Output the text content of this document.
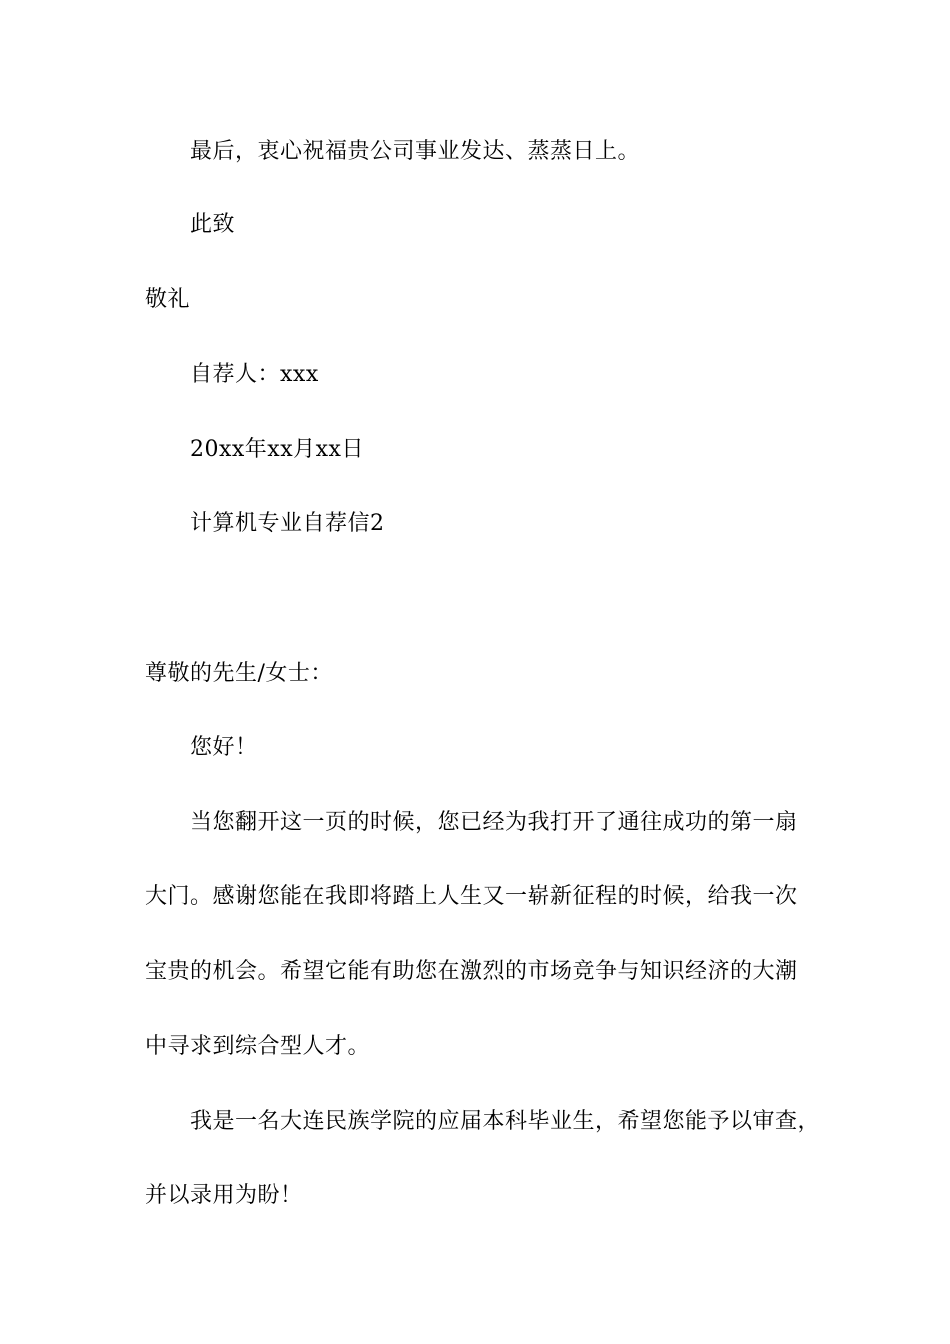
最后，衷心祝福贵公司事业发达、蒸蒸日上。
此致
敬礼
自荐人：xxx
20xx年xx月xx日
计算机专业自荐信2
尊敬的先生/女士：
您好！
当您翻开这一页的时候，您已经为我打开了通往成功的第一扇
大门。感谢您能在我即将踏上人生又一崭新征程的时候，给我一次
宝贵的机会。希望它能有助您在激烈的市场竞争与知识经济的大潮
中寻求到综合型人才。
我是一名大连民族学院的应届本科毕业生，希望您能予以审查，
并以录用为盼！
